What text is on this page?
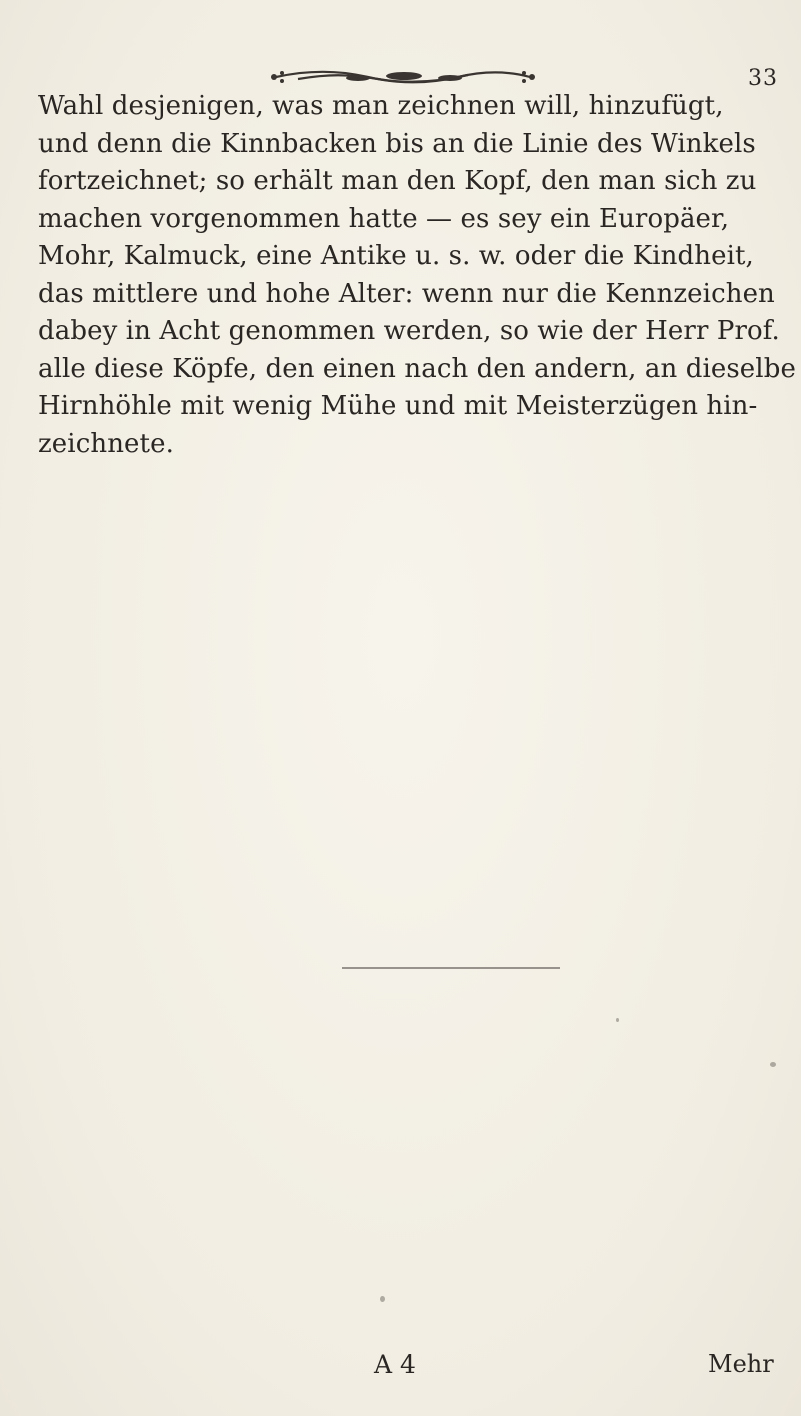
33
Wahl desjenigen, was man zeichnen will, hinzufügt,
und denn die Kinnbacken bis an die Linie des Winkels
fortzeichnet; so erhält man den Kopf, den man sich zu
machen vorgenommen hatte — es sey ein Europäer,
Mohr, Kalmuck, eine Antike u. s. w. oder die Kindheit,
das mittlere und hohe Alter: wenn nur die Kennzeichen
dabey in Acht genommen werden, so wie der Herr Prof.
alle diese Köpfe, den einen nach den andern, an dieselbe
Hirnhöhle mit wenig Mühe und mit Meisterzügen hin-
zeichnete.
A 4	Mehr
